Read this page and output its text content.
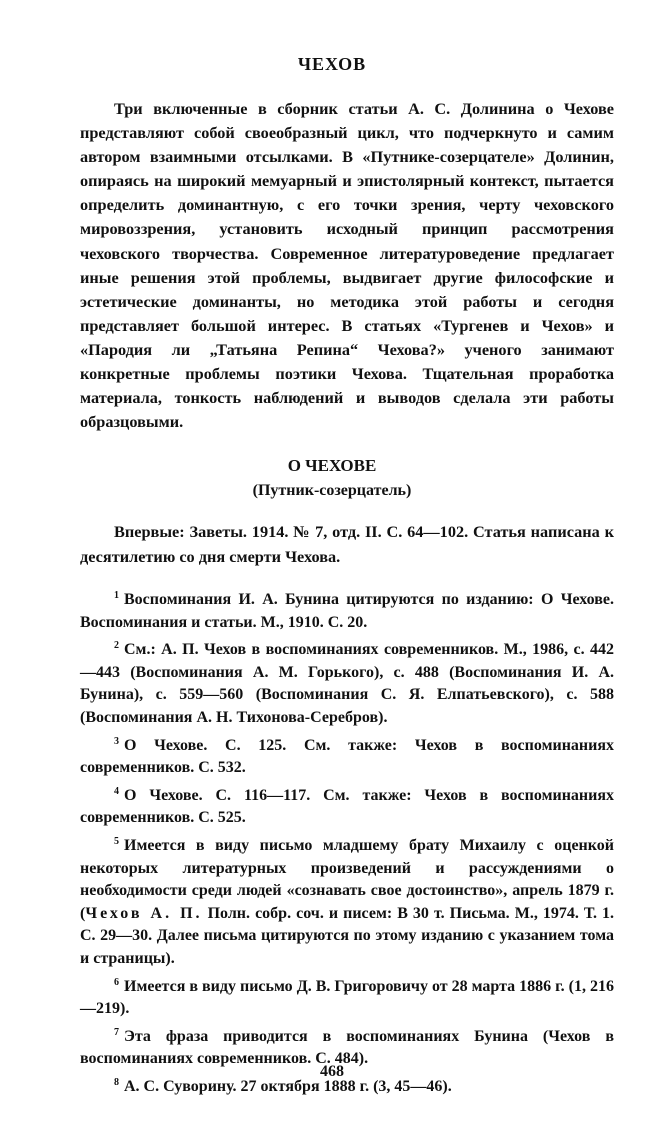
ЧЕХОВ

Три включенные в сборник статьи А. С. Долинина о Чехове представляют собой своеобразный цикл, что подчеркнуто и самим автором взаимными отсылками. В «Путнике-созерцателе» Долинин, опираясь на широкий мемуарный и эпистолярный контекст, пытается определить доминантную, с его точки зрения, черту чеховского мировоззрения, установить исходный принцип рассмотрения чеховского творчества. Современное литературоведение предлагает иные решения этой проблемы, выдвигает другие философские и эстетические доминанты, но методика этой работы и сегодня представляет большой интерес. В статьях «Тургенев и Чехов» и «Пародия ли „Татьяна Репина“ Чехова?» ученого занимают конкретные проблемы поэтики Чехова. Тщательная проработка материала, тонкость наблюдений и выводов сделала эти работы образцовыми.

О ЧЕХОВЕ
(Путник-созерцатель)

Впервые: Заветы. 1914. № 7, отд. II. С. 64—102. Статья написана к десятилетию со дня смерти Чехова.

$^1$ Воспоминания И. А. Бунина цитируются по изданию: О Чехове. Воспоминания и статьи. М., 1910. С. 20.

$^2$ См.: А. П. Чехов в воспоминаниях современников. М., 1986, с. 442—443 (Воспоминания А. М. Горького), с. 488 (Воспоминания И. А. Бунина), с. 559—560 (Воспоминания С. Я. Елпатьевского), с. 588 (Воспоминания А. Н. Тихонова-Серебров).

$^3$ О Чехове. С. 125. См. также: Чехов в воспоминаниях современников. С. 532.

$^4$ О Чехове. С. 116—117. См. также: Чехов в воспоминаниях современников. С. 525.

$^5$ Имеется в виду письмо младшему брату Михаилу с оценкой некоторых литературных произведений и рассуждениями о необходимости среди людей «сознавать свое достоинство», апрель 1879 г. (Чехов А. П. Полн. собр. соч. и писем: В 30 т. Письма. М., 1974. Т. 1. С. 29—30. Далее письма цитируются по этому изданию с указанием тома и страницы).

$^6$ Имеется в виду письмо Д. В. Григоровичу от 28 марта 1886 г. (1, 216—219).

$^7$ Эта фраза приводится в воспоминаниях Бунина (Чехов в воспоминаниях современников. С. 484).

$^8$ А. С. Суворину. 27 октября 1888 г. (3, 45—46).

468
